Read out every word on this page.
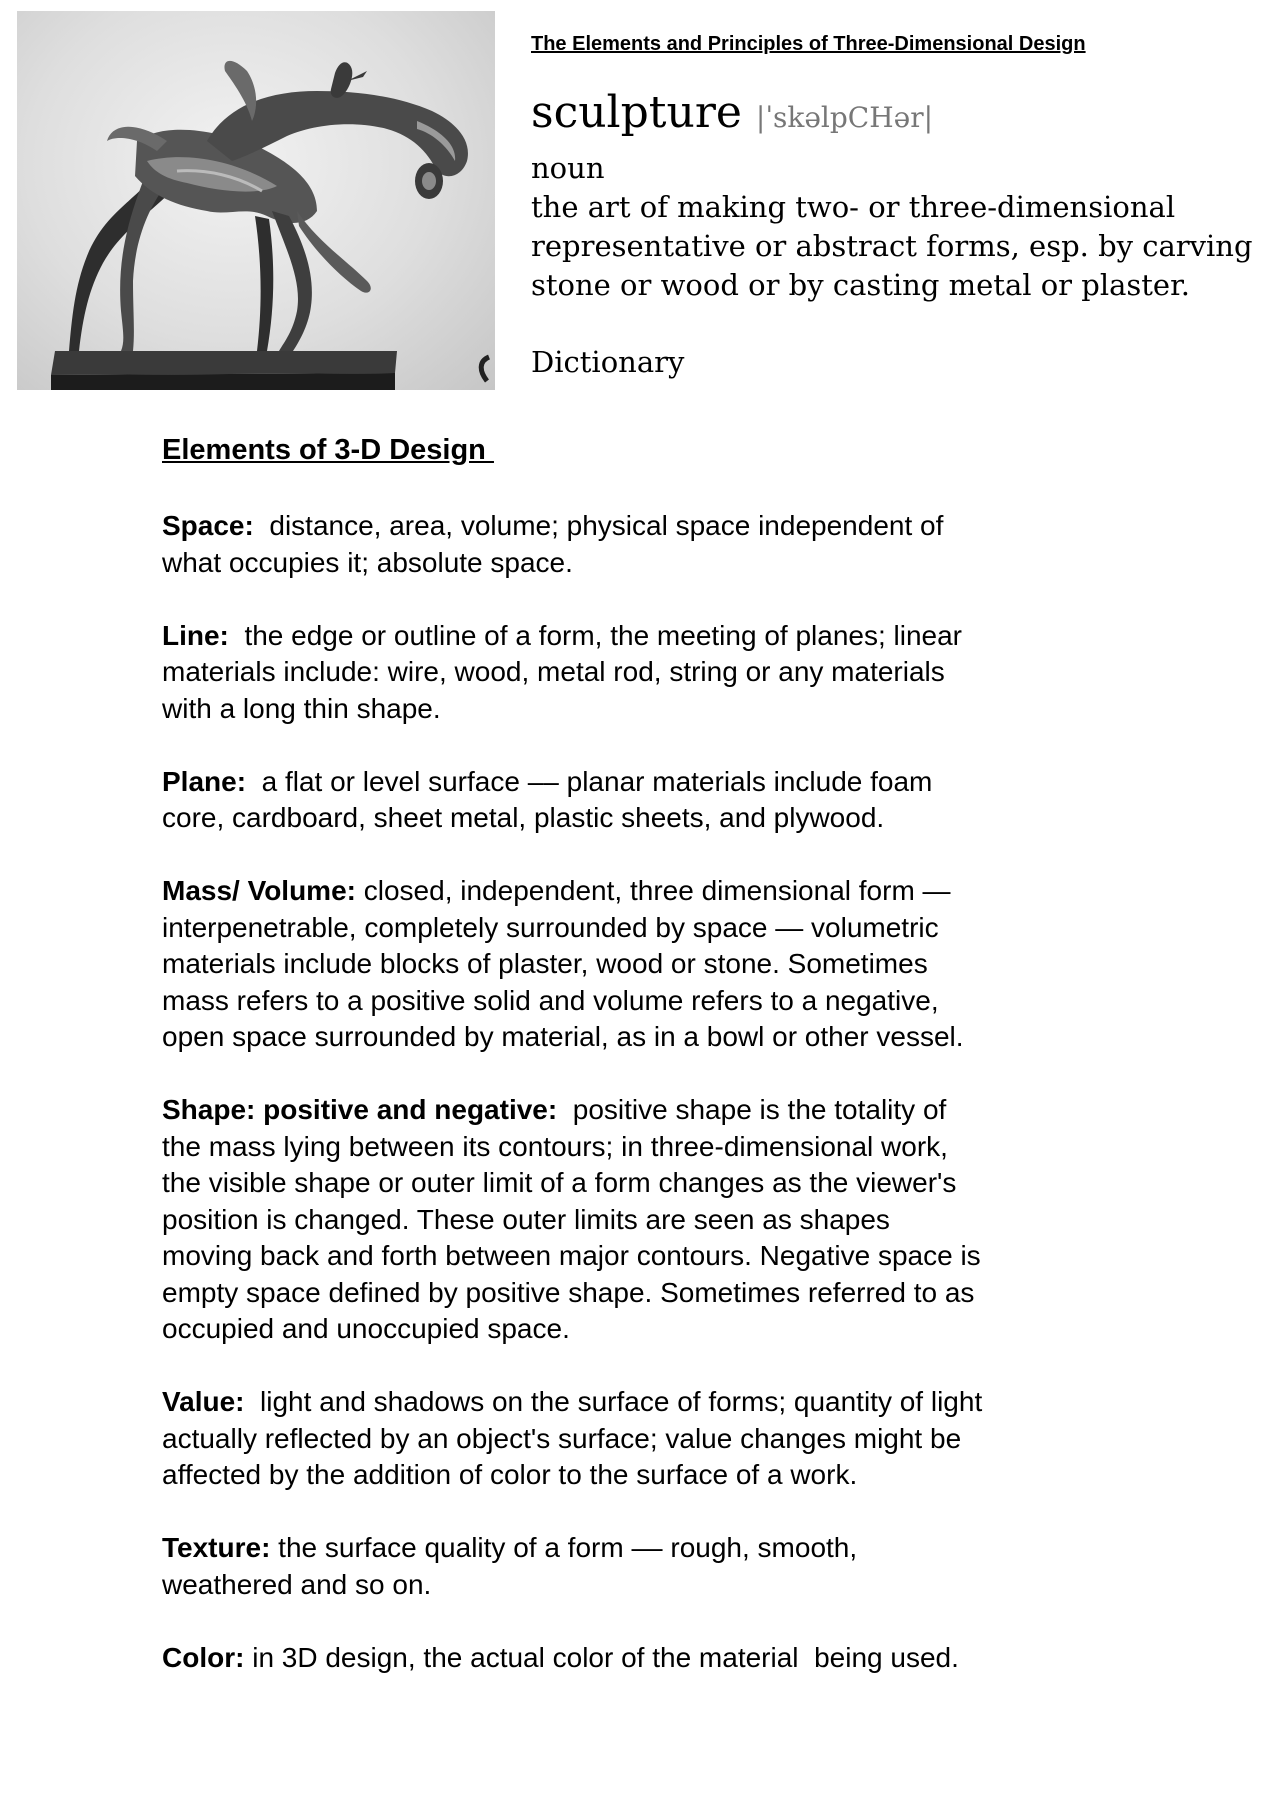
The Elements and Principles of Three-Dimensional Design
sculpture |ˈskəlpCHər|
noun
the art of making two- or three-dimensional
representative or abstract forms, esp. by carving
stone or wood or by casting metal or plaster.
Dictionary
Elements of 3-D Design

Space:  distance, area, volume; physical space independent of
what occupies it; absolute space.

Line:  the edge or outline of a form, the meeting of planes; linear
materials include: wire, wood, metal rod, string or any materials
with a long thin shape.

Plane:  a flat or level surface –– planar materials include foam
core, cardboard, sheet metal, plastic sheets, and plywood.

Mass/ Volume: closed, independent, three dimensional form —
interpenetrable, completely surrounded by space — volumetric
materials include blocks of plaster, wood or stone. Sometimes
mass refers to a positive solid and volume refers to a negative,
open space surrounded by material, as in a bowl or other vessel.

Shape: positive and negative:  positive shape is the totality of
the mass lying between its contours; in three-dimensional work,
the visible shape or outer limit of a form changes as the viewer's
position is changed. These outer limits are seen as shapes
moving back and forth between major contours. Negative space is
empty space defined by positive shape. Sometimes referred to as
occupied and unoccupied space.

Value:  light and shadows on the surface of forms; quantity of light
actually reflected by an object's surface; value changes might be
affected by the addition of color to the surface of a work.

Texture: the surface quality of a form –– rough, smooth,
weathered and so on.

Color: in 3D design, the actual color of the material  being used.
